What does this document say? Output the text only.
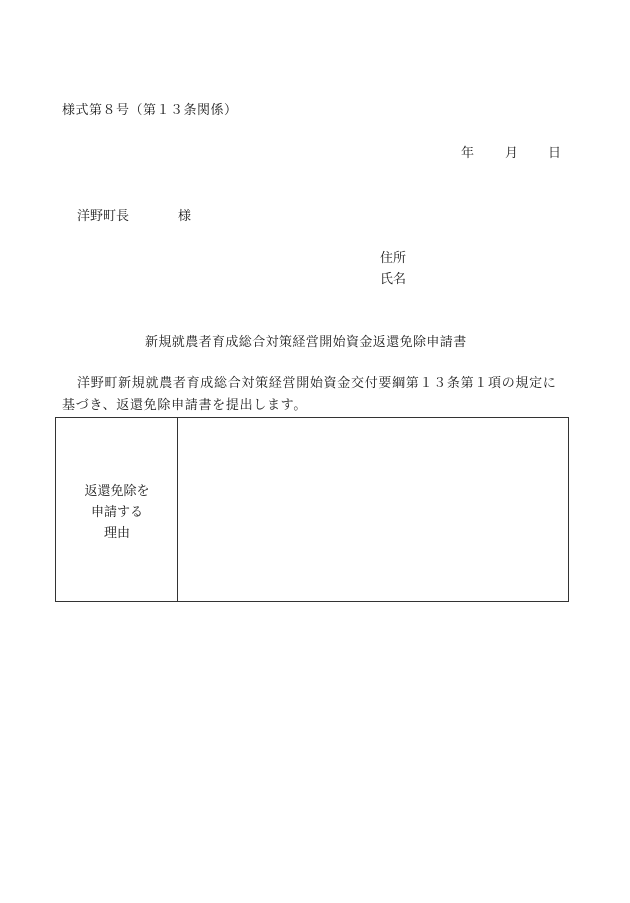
様式第８号（第１３条関係）
年 月 日
洋野町長	様
住所
氏名
新規就農者育成総合対策経営開始資金返還免除申請書
洋野町新規就農者育成総合対策経営開始資金交付要綱第１３条第１項の規定に
基づき、返還免除申請書を提出します。
返還免除を
申請する
理由
